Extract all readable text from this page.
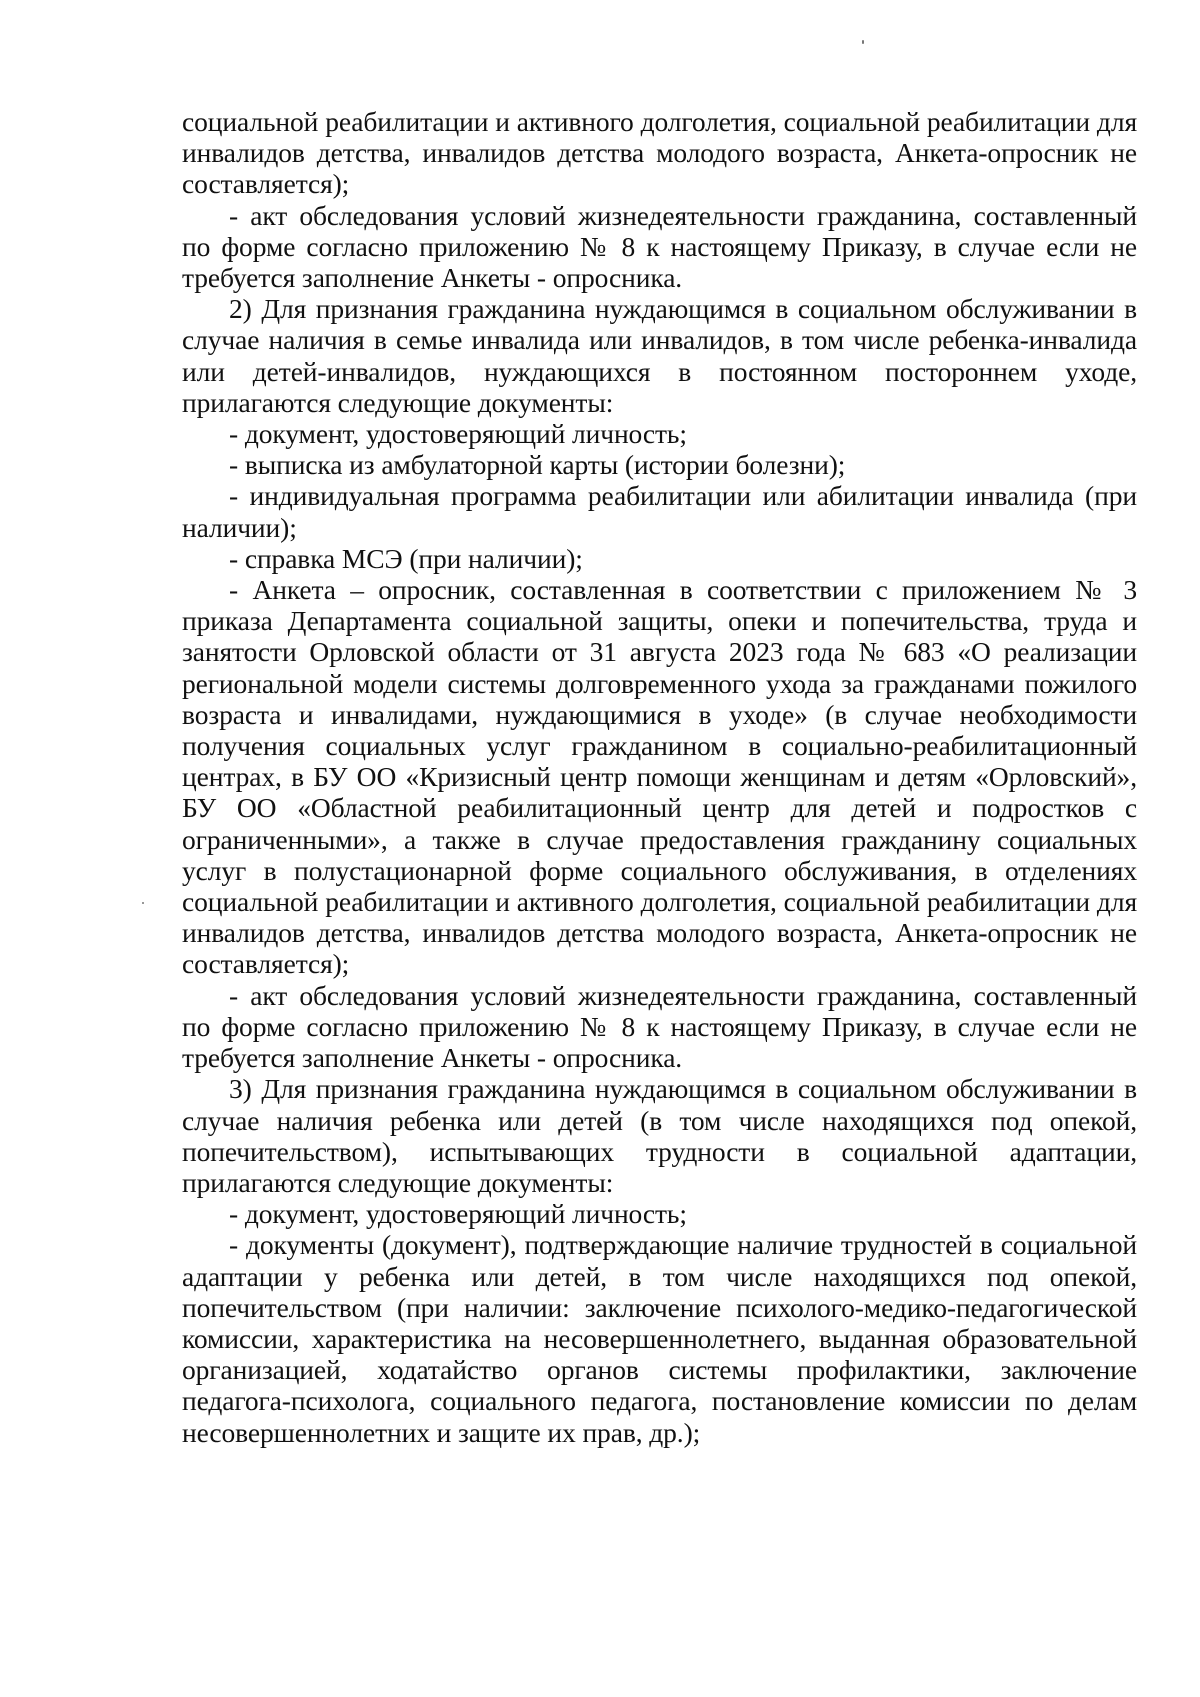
социальной реабилитации и активного долголетия, социальной реабилитации для инвалидов детства, инвалидов детства молодого возраста, Анкета-опросник не составляется);

- акт обследования условий жизнедеятельности гражданина, составленный по форме согласно приложению № 8 к настоящему Приказу, в случае если не требуется заполнение Анкеты - опросника.

2) Для признания гражданина нуждающимся в социальном обслуживании в случае наличия в семье инвалида или инвалидов, в том числе ребенка-инвалида или детей-инвалидов, нуждающихся в постоянном постороннем уходе, прилагаются следующие документы:

- документ, удостоверяющий личность;

- выписка из амбулаторной карты (истории болезни);

- индивидуальная программа реабилитации или абилитации инвалида (при наличии);

- справка МСЭ (при наличии);

- Анкета – опросник, составленная в соответствии с приложением № 3 приказа Департамента социальной защиты, опеки и попечительства, труда и занятости Орловской области от 31 августа 2023 года № 683 «О реализации региональной модели системы долговременного ухода за гражданами пожилого возраста и инвалидами, нуждающимися в уходе» (в случае необходимости получения социальных услуг гражданином в социально-реабилитационный центрах, в БУ ОО «Кризисный центр помощи женщинам и детям «Орловский», БУ ОО «Областной реабилитационный центр для детей и подростков с ограниченными», а также в случае предоставления гражданину социальных услуг в полустационарной форме социального обслуживания, в отделениях социальной реабилитации и активного долголетия, социальной реабилитации для инвалидов детства, инвалидов детства молодого возраста, Анкета-опросник не составляется);

- акт обследования условий жизнедеятельности гражданина, составленный по форме согласно приложению № 8 к настоящему Приказу, в случае если не требуется заполнение Анкеты - опросника.

3) Для признания гражданина нуждающимся в социальном обслуживании в случае наличия ребенка или детей (в том числе находящихся под опекой, попечительством), испытывающих трудности в социальной адаптации, прилагаются следующие документы:

- документ, удостоверяющий личность;

- документы (документ), подтверждающие наличие трудностей в социальной адаптации у ребенка или детей, в том числе находящихся под опекой, попечительством (при наличии: заключение психолого-медико-педагогической комиссии, характеристика на несовершеннолетнего, выданная образовательной организацией, ходатайство органов системы профилактики, заключение педагога-психолога, социального педагога, постановление комиссии по делам несовершеннолетних и защите их прав, др.);
